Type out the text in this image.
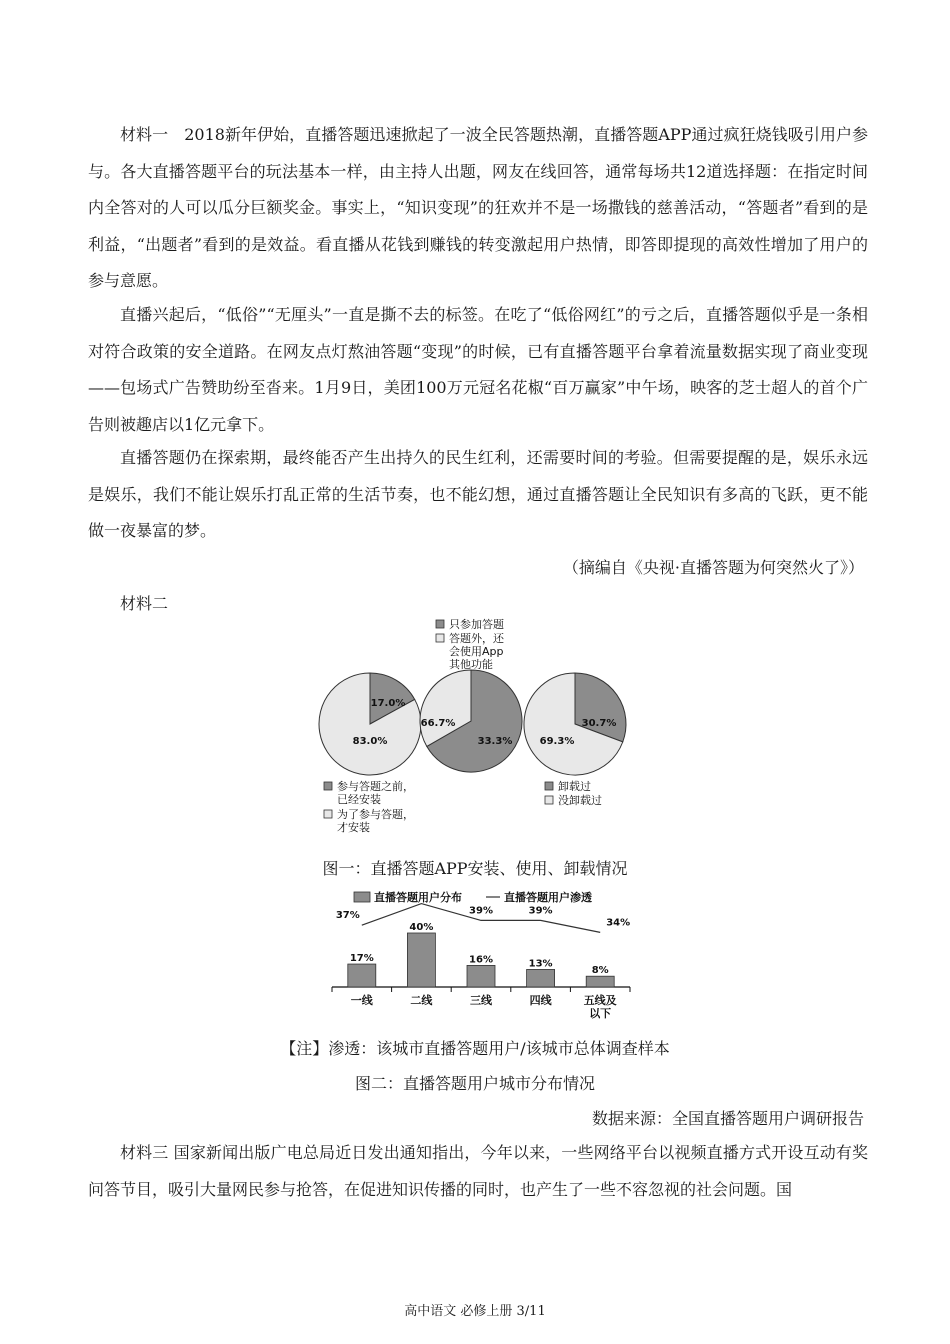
材料一　2018新年伊始，直播答题迅速掀起了一波全民答题热潮，直播答题APP通过疯狂烧钱吸引用户参与。各大直播答题平台的玩法基本一样，由主持人出题，网友在线回答，通常每场共12道选择题：在指定时间内全答对的人可以瓜分巨额奖金。事实上，“知识变现”的狂欢并不是一场撒钱的慈善活动，“答题者”看到的是利益，“出题者”看到的是效益。看直播从花钱到赚钱的转变激起用户热情，即答即提现的高效性增加了用户的参与意愿。

直播兴起后，“低俗”“无厘头”一直是撕不去的标签。在吃了“低俗网红”的亏之后，直播答题似乎是一条相对符合政策的安全道路。在网友点灯熬油答题“变现”的时候，已有直播答题平台拿着流量数据实现了商业变现——包场式广告赞助纷至沓来。1月9日，美团100万元冠名花椒“百万赢家”中午场，映客的芝士超人的首个广告则被趣店以1亿元拿下。

直播答题仍在探索期，最终能否产生出持久的民生红利，还需要时间的考验。但需要提醒的是，娱乐永远是娱乐，我们不能让娱乐打乱正常的生活节奏，也不能幻想，通过直播答题让全民知识有多高的飞跃，更不能做一夜暴富的梦。

（摘编自《央视·直播答题为何突然火了》）
材料二
17.0%
83.0%
参与答题之前，
已经安装
为了参与答题，
才安装
66.7%
33.3%
只参加答题
答题外，还
会使用App
其他功能
30.7%
69.3%
卸载过
没卸载过
图一：直播答题APP安装、使用、卸载情况
直播答题用户分布	直播答题用户渗透
17%
一线
40%
二线
16%
三线
13%
四线
8%
五线及
以下
37%	39%	39%
34%
【注】渗透：该城市直播答题用户/该城市总体调查样本
图二：直播答题用户城市分布情况
数据来源：全国直播答题用户调研报告

材料三 国家新闻出版广电总局近日发出通知指出，今年以来，一些网络平台以视频直播方式开设互动有奖问答节目，吸引大量网民参与抢答，在促进知识传播的同时，也产生了一些不容忽视的社会问题。国

高中语文 必修上册 3/11
